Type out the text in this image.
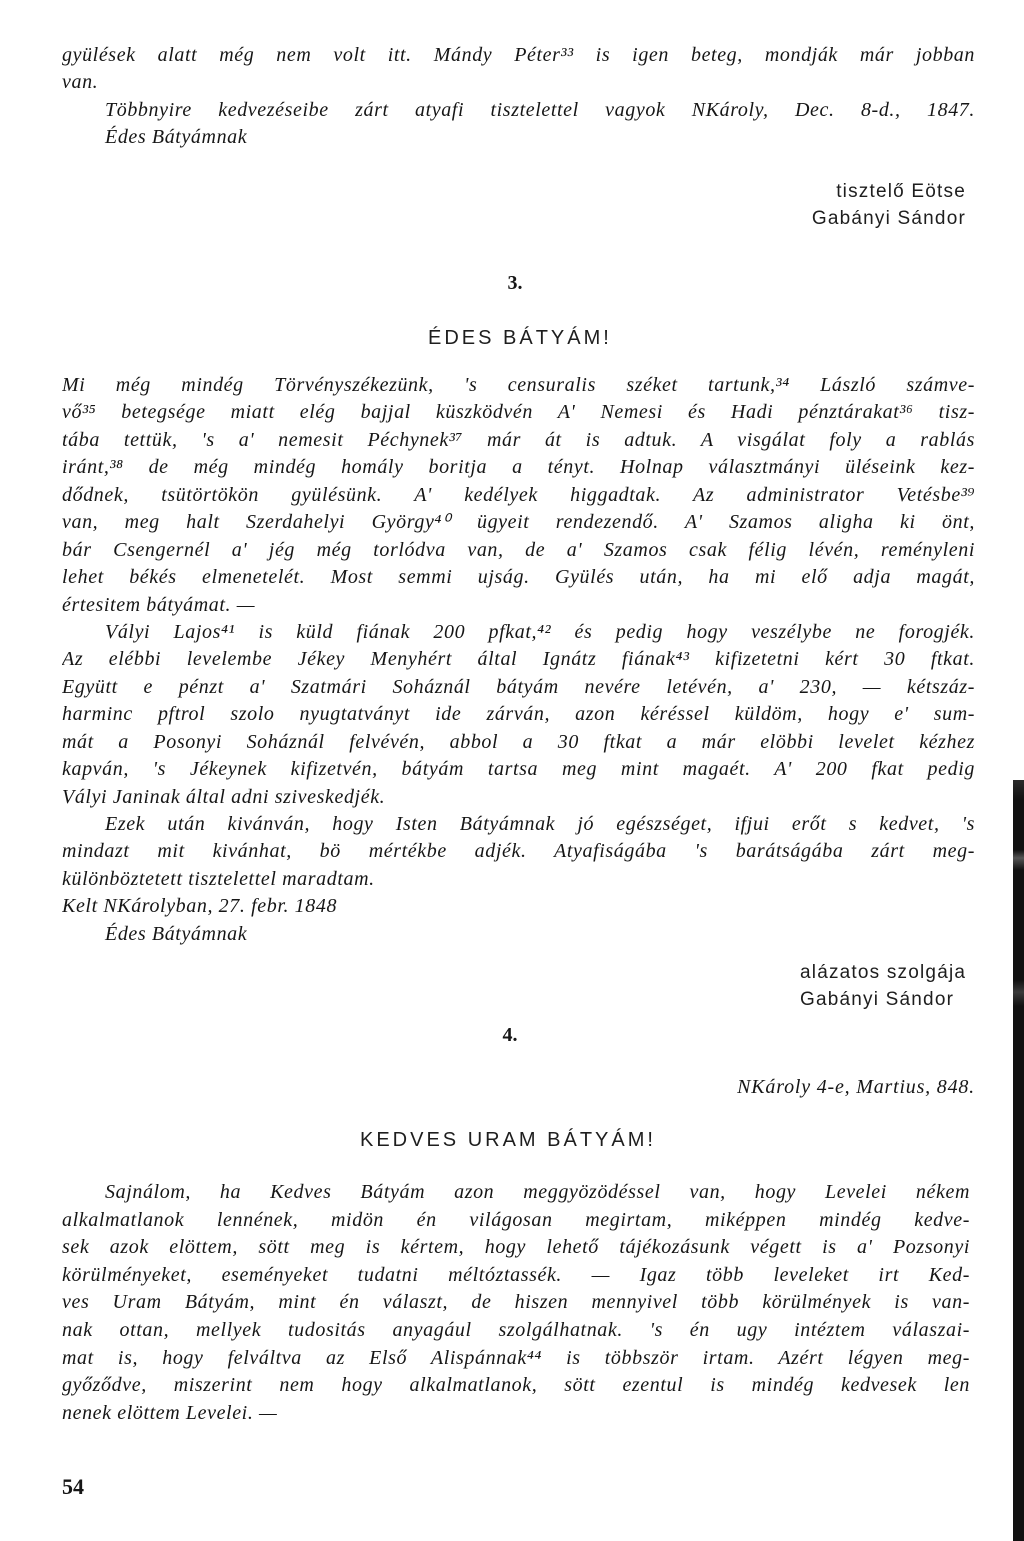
gyülések alatt még nem volt itt. Mándy Péter³³ is igen beteg, mondják már jobban
van.
Többnyire kedvezéseibe zárt atyafi tisztelettel vagyok NKároly, Dec. 8-d., 1847.
Édes Bátyámnak
tisztelő Eötse
Gabányi Sándor
3.
ÉDES BÁTYÁM!
Mi még mindég Törvényszékezünk, 's censuralis széket tartunk,³⁴ László számve-
vő³⁵ betegsége miatt elég bajjal küszködvén A' Nemesi és Hadi pénztárakat³⁶ tisz-
tába tettük, 's a' nemesit Péchynek³⁷ már át is adtuk. A visgálat foly a rablás
iránt,³⁸ de még mindég homály boritja a tényt. Holnap választmányi üléseink kez-
dődnek, tsütörtökön gyülésünk. A' kedélyek higgadtak. Az administrator Vetésbe³⁹
van, meg halt Szerdahelyi György⁴⁰ ügyeit rendezendő. A' Szamos aligha ki önt,
bár Csengernél a' jég még torlódva van, de a' Szamos csak félig lévén, reményleni
lehet békés elmenetelét. Most semmi ujság. Gyülés után, ha mi elő adja magát,
értesitem bátyámat. —
Vályi Lajos⁴¹ is küld fiának 200 pfkat,⁴² és pedig hogy veszélybe ne forogjék.
Az elébbi levelembe Jékey Menyhért által Ignátz fiának⁴³ kifizetetni kért 30 ftkat.
Együtt e pénzt a' Szatmári Soháznál bátyám nevére letévén, a' 230, — kétszáz-
harminc pftrol szolo nyugtatványt ide zárván, azon kéréssel küldöm, hogy e' sum-
mát a Posonyi Soháznál felvévén, abbol a 30 ftkat a már elöbbi levelet kézhez
kapván, 's Jékeynek kifizetvén, bátyám tartsa meg mint magaét. A' 200 fkat pedig
Vályi Janinak által adni sziveskedjék.
Ezek után kivánván, hogy Isten Bátyámnak jó egészséget, ifjui erőt s kedvet, 's
mindazt mit kivánhat, bö mértékbe adjék. Atyafiságába 's barátságába zárt meg-
különböztetett tisztelettel maradtam.
Kelt NKárolyban, 27. febr. 1848
Édes Bátyámnak
alázatos szolgája
Gabányi Sándor
4.
NKároly 4-e, Martius, 848.
KEDVES URAM BÁTYÁM!
Sajnálom, ha Kedves Bátyám azon meggyözödéssel van, hogy Levelei nékem
alkalmatlanok lennének, midön én világosan megirtam, miképpen mindég kedve-
sek azok elöttem, sött meg is kértem, hogy lehető tájékozásunk végett is a' Pozsonyi
körülményeket, eseményeket tudatni méltóztassék. — Igaz több leveleket irt Ked-
ves Uram Bátyám, mint én választ, de hiszen mennyivel több körülmények is van-
nak ottan, mellyek tudositás anyagául szolgálhatnak. 's én ugy intéztem válaszai-
mat is, hogy felváltva az Első Alispánnak⁴⁴ is többször irtam. Azért légyen meg-
győződve, miszerint nem hogy alkalmatlanok, sött ezentul is mindég kedvesek len
nenek elöttem Levelei. —
54
